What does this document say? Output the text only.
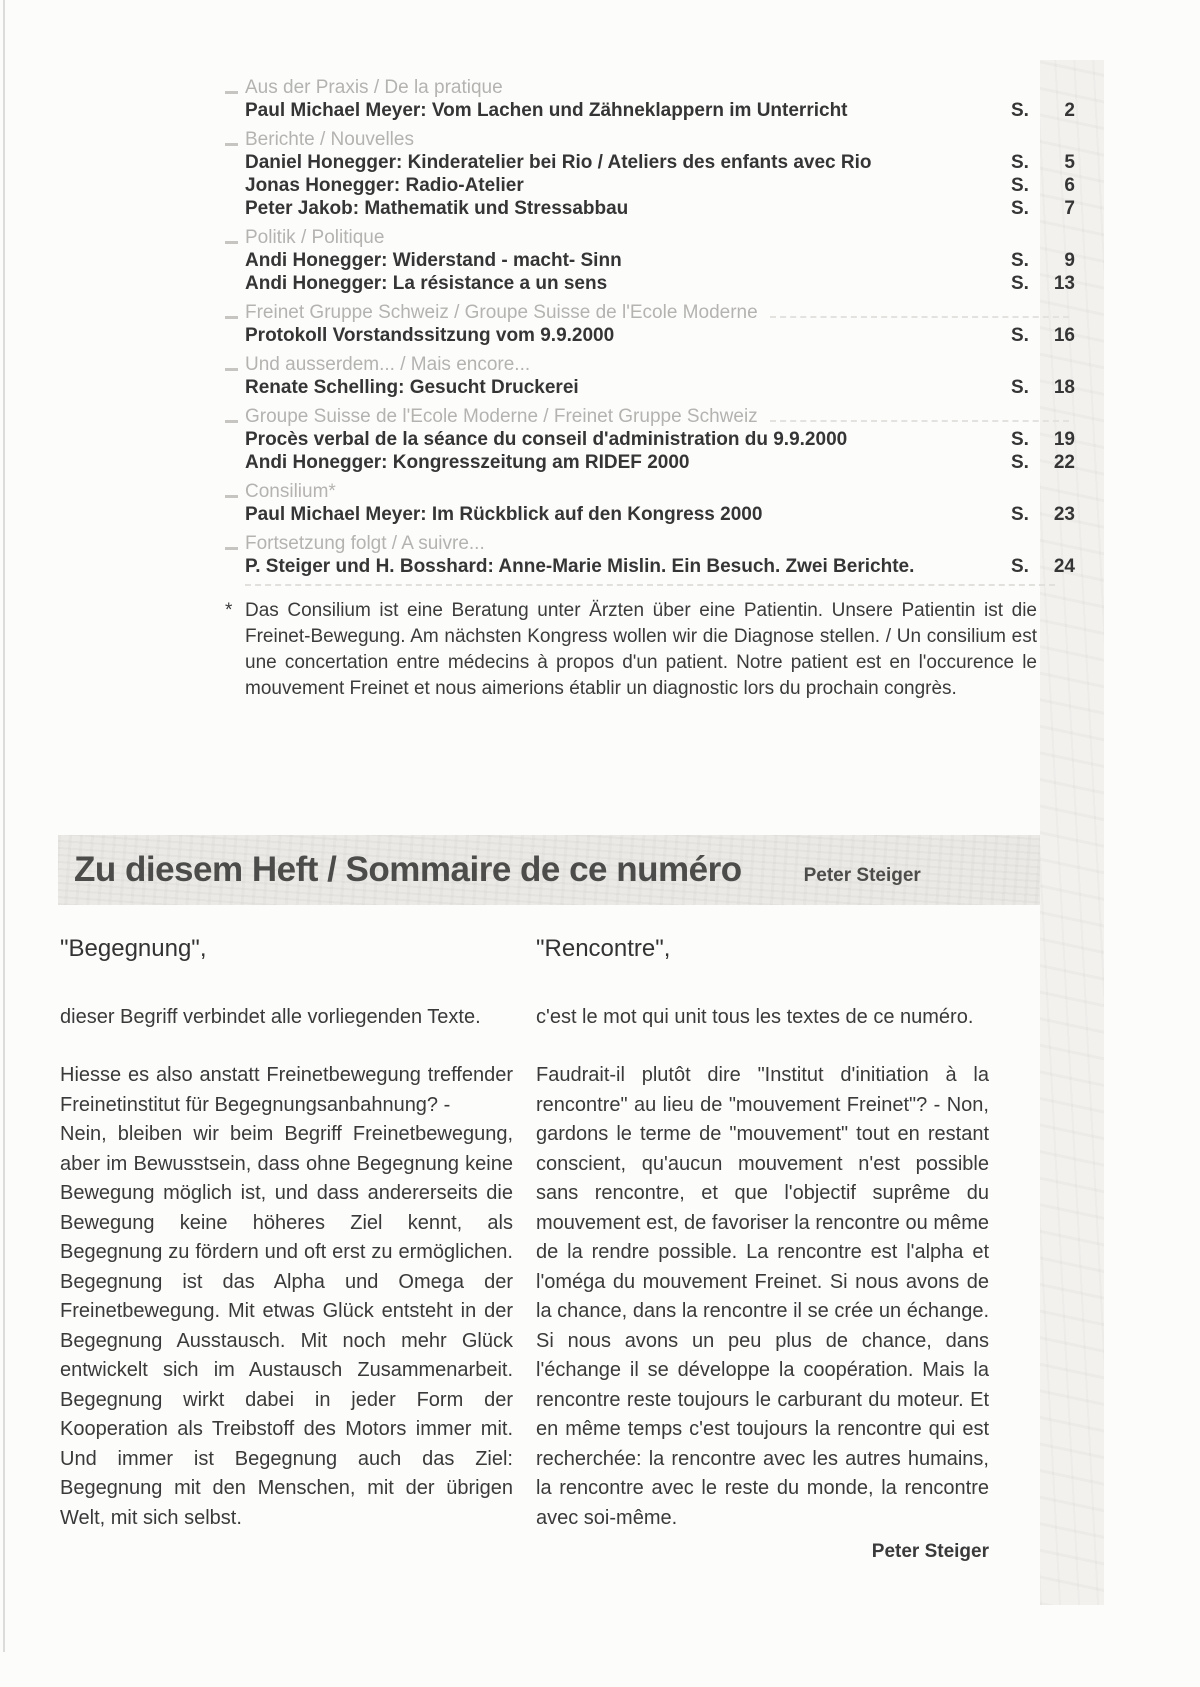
Aus der Praxis / De la pratique
Paul Michael Meyer: Vom Lachen und Zähneklappern im Unterricht	S. 2
Berichte / Nouvelles
Daniel Honegger: Kinderatelier bei Rio / Ateliers des enfants avec Rio	S. 5
Jonas Honegger: Radio-Atelier	S. 6
Peter Jakob: Mathematik und Stressabbau	S. 7
Politik / Politique
Andi Honegger: Widerstand - macht- Sinn	S. 9
Andi Honegger: La résistance a un sens	S. 13
Freinet Gruppe Schweiz / Groupe Suisse de l'Ecole Moderne
Protokoll Vorstandssitzung vom 9.9.2000	S. 16
Und ausserdem... / Mais encore...
Renate Schelling: Gesucht Druckerei	S. 18
Groupe Suisse de l'Ecole Moderne / Freinet Gruppe Schweiz
Procès verbal de la séance du conseil d'administration du 9.9.2000	S. 19
Andi Honegger: Kongresszeitung am RIDEF 2000	S. 22
Consilium*
Paul Michael Meyer: Im Rückblick auf den Kongress 2000	S. 23
Fortsetzung folgt / A suivre...
P. Steiger und H. Bosshard: Anne-Marie Mislin. Ein Besuch. Zwei Berichte.	S. 24
* Das Consilium ist eine Beratung unter Ärzten über eine Patientin. Unsere Patientin ist die Freinet-Bewegung. Am nächsten Kongress wollen wir die Diagnose stellen. / Un consilium est une concertation entre médecins à propos d'un patient. Notre patient est en l'occurence le mouvement Freinet et nous aimerions établir un diagnostic lors du prochain congrès.
Zu diesem Heft / Sommaire de ce numéro	Peter Steiger

"Begegnung",

dieser Begriff verbindet alle vorliegenden Texte.

Hiesse es also anstatt Freinetbewegung treffender Freinetinstitut für Begegnungsanbahnung? -

Nein, bleiben wir beim Begriff Freinetbewegung, aber im Bewusstsein, dass ohne Begegnung keine Bewegung möglich ist, und dass andererseits die Bewegung keine höheres Ziel kennt, als Begegnung zu fördern und oft erst zu ermöglichen. Begegnung ist das Alpha und Omega der Freinetbewegung. Mit etwas Glück entsteht in der Begegnung Ausstausch. Mit noch mehr Glück entwickelt sich im Austausch Zusammenarbeit. Begegnung wirkt dabei in jeder Form der Kooperation als Treibstoff des Motors immer mit. Und immer ist Begegnung auch das Ziel: Begegnung mit den Menschen, mit der übrigen Welt, mit sich selbst.

"Rencontre",

c'est le mot qui unit tous les textes de ce numéro.

Faudrait-il plutôt dire "Institut d'initiation à la rencontre" au lieu de "mouvement Freinet"? - Non, gardons le terme de "mouvement" tout en restant conscient, qu'aucun mouvement n'est possible sans rencontre, et que l'objectif suprême du mouvement est, de favoriser la rencontre ou même de la rendre possible. La rencontre est l'alpha et l'oméga du mouvement Freinet. Si nous avons de la chance, dans la rencontre il se crée un échange. Si nous avons un peu plus de chance, dans l'échange il se développe la coopération. Mais la rencontre reste toujours le carburant du moteur. Et en même temps c'est toujours la rencontre qui est recherchée: la rencontre avec les autres humains, la rencontre avec le reste du monde, la rencontre avec soi-même.

Peter Steiger
